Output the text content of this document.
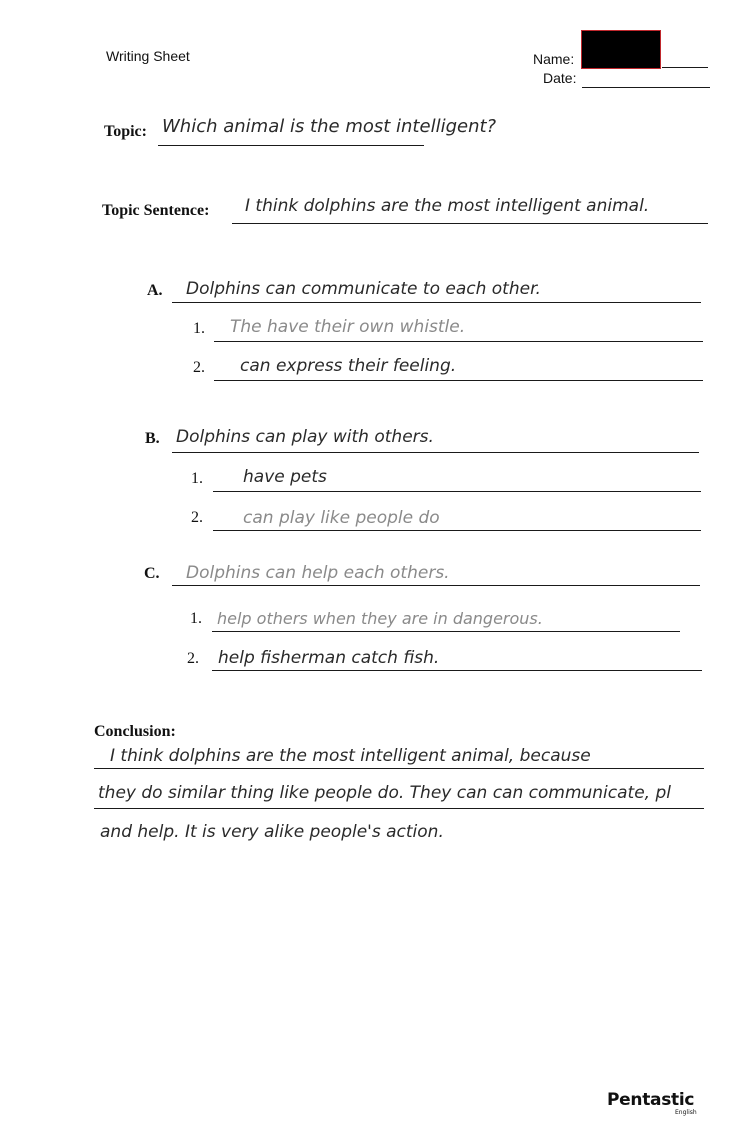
Writing Sheet	Name:
Date:
Topic: Which animal is the most intelligent?
Topic Sentence: I think dolphins are the most intelligent animal.
A. Dolphins can communicate to each other.
1. The have their own whistle.
2. can express their feeling.
B. Dolphins can play with others.
1. have pets
2. can play like people do
C. Dolphins can help each others.
1. help others when they are in dangerous.
2. help fisherman catch fish.
Conclusion:
I think dolphins are the most intelligent animal, because
they do similar thing like people do. They can can communicate, pl
and help. It is very alike people's action.
Pentastic
English
